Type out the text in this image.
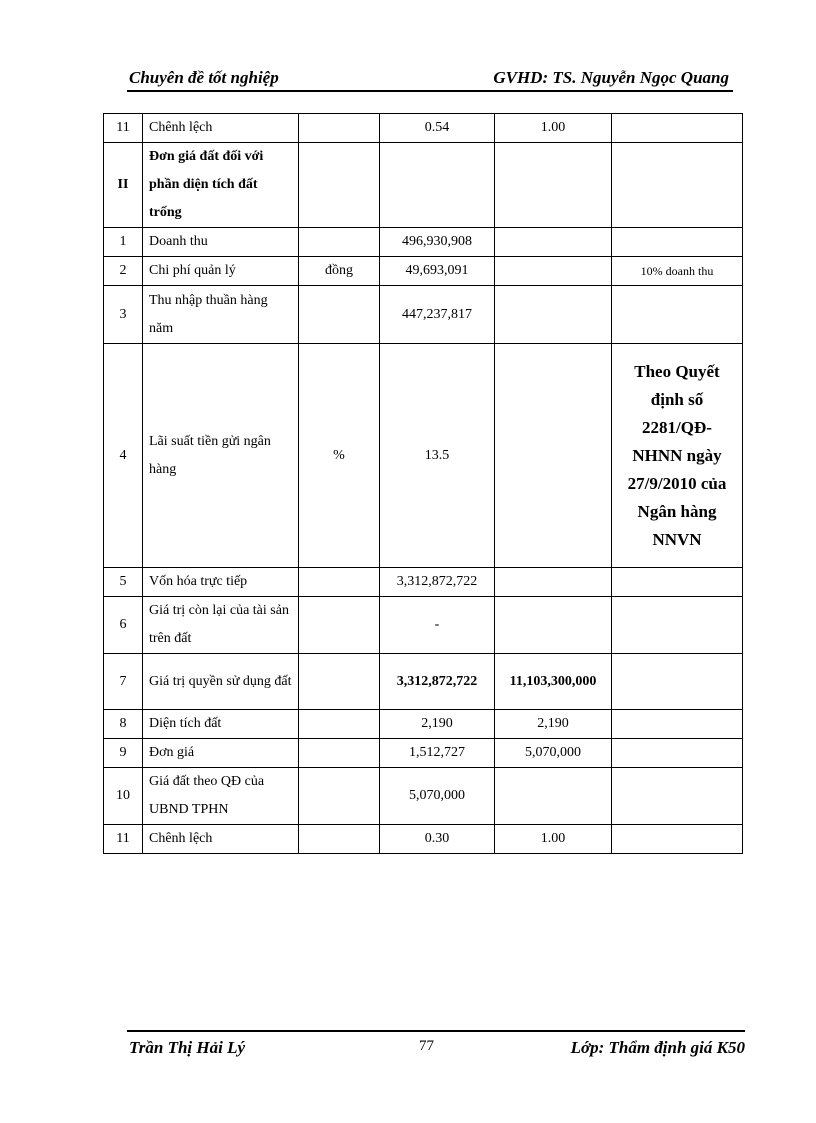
Chuyên đề tốt nghiệp	GVHD: TS. Nguyễn Ngọc Quang
11	Chênh lệch		0.54	1.00	
II	Đơn giá đất đối với phần diện tích đất trống				
1	Doanh thu		496,930,908		
2	Chi phí quản lý	đồng	49,693,091		10% doanh thu
3	Thu nhập thuần hàng năm		447,237,817		
4	Lãi suất tiền gửi ngân hàng	%	13.5		Theo Quyết định số 2281/QĐ-NHNN ngày 27/9/2010 của Ngân hàng NNVN
5	Vốn hóa trực tiếp		3,312,872,722		
6	Giá trị còn lại của tài sản trên đất		-		
7	Giá trị quyền sử dụng đất		3,312,872,722	11,103,300,000	
8	Diện tích đất		2,190	2,190	
9	Đơn giá		1,512,727	5,070,000	
10	Giá đất theo QĐ của UBND TPHN		5,070,000		
11	Chênh lệch		0.30	1.00	
Trần Thị Hải Lý	77	Lớp: Thẩm định giá K50
